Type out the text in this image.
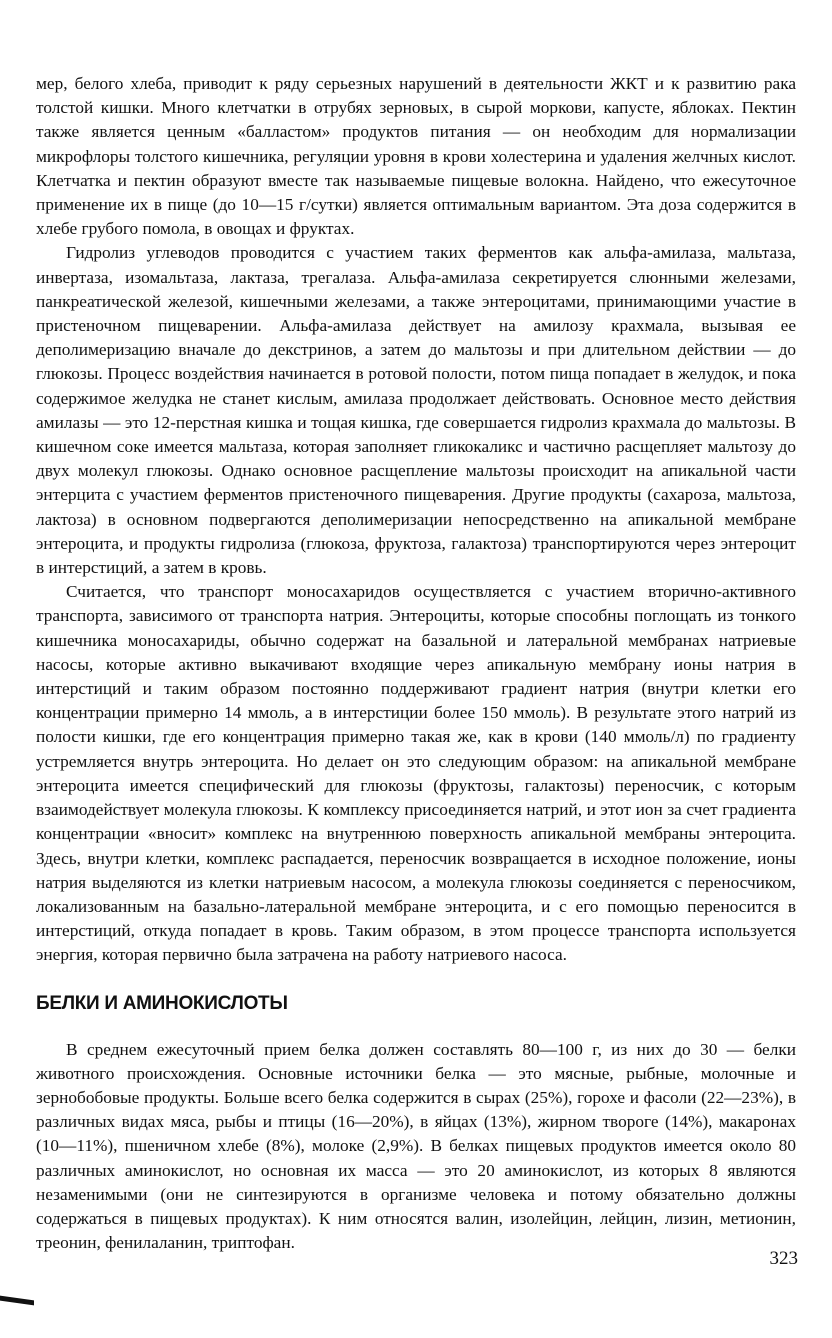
мер, белого хлеба, приводит к ряду серьезных нарушений в деятельности ЖКТ и к развитию рака толстой кишки. Много клетчатки в отрубях зерновых, в сырой моркови, капусте, яблоках. Пектин также является ценным «балластом» продуктов питания — он необходим для нормализации микрофлоры толстого кишечника, регуляции уровня в крови холестерина и удаления желчных кислот. Клетчатка и пектин образуют вместе так называемые пищевые волокна. Найдено, что ежесуточное применение их в пище (до 10—15 г/сутки) является оптимальным вариантом. Эта доза содержится в хлебе грубого помола, в овощах и фруктах.

Гидролиз углеводов проводится с участием таких ферментов как альфа-амилаза, мальтаза, инвертаза, изомальтаза, лактаза, трегалаза. Альфа-амилаза секретируется слюнными железами, панкреатической железой, кишечными железами, а также энтероцитами, принимающими участие в пристеночном пищеварении. Альфа-амилаза действует на амилозу крахмала, вызывая ее деполимеризацию вначале до декстринов, а затем до мальтозы и при длительном действии — до глюкозы. Процесс воздействия начинается в ротовой полости, потом пища попадает в желудок, и пока содержимое желудка не станет кислым, амилаза продолжает действовать. Основное место действия амилазы — это 12-перстная кишка и тощая кишка, где совершается гидролиз крахмала до мальтозы. В кишечном соке имеется мальтаза, которая заполняет гликокаликс и частично расщепляет мальтозу до двух молекул глюкозы. Однако основное расщепление мальтозы происходит на апикальной части энтерцита с участием ферментов пристеночного пищеварения. Другие продукты (сахароза, мальтоза, лактоза) в основном подвергаются деполимеризации непосредственно на апикальной мембране энтероцита, и продукты гидролиза (глюкоза, фруктоза, галактоза) транспортируются через энтероцит в интерстиций, а затем в кровь.

Считается, что транспорт моносахаридов осуществляется с участием вторично-активного транспорта, зависимого от транспорта натрия. Энтероциты, которые способны поглощать из тонкого кишечника моносахариды, обычно содержат на базальной и латеральной мембранах натриевые насосы, которые активно выкачивают входящие через апикальную мембрану ионы натрия в интерстиций и таким образом постоянно поддерживают градиент натрия (внутри клетки его концентрации примерно 14 ммоль, а в интерстиции более 150 ммоль). В результате этого натрий из полости кишки, где его концентрация примерно такая же, как в крови (140 ммоль/л) по градиенту устремляется внутрь энтероцита. Но делает он это следующим образом: на апикальной мембране энтероцита имеется специфический для глюкозы (фруктозы, галактозы) переносчик, с которым взаимодействует молекула глюкозы. К комплексу присоединяется натрий, и этот ион за счет градиента концентрации «вносит» комплекс на внутреннюю поверхность апикальной мембраны энтероцита. Здесь, внутри клетки, комплекс распадается, переносчик возвращается в исходное положение, ионы натрия выделяются из клетки натриевым насосом, а молекула глюкозы соединяется с переносчиком, локализованным на базально-латеральной мембране энтероцита, и с его помощью переносится в интерстиций, откуда попадает в кровь. Таким образом, в этом процессе транспорта используется энергия, которая первично была затрачена на работу натриевого насоса.

БЕЛКИ И АМИНОКИСЛОТЫ

В среднем ежесуточный прием белка должен составлять 80—100 г, из них до 30 — белки животного происхождения. Основные источники белка — это мясные, рыбные, молочные и зернобобовые продукты. Больше всего белка содержится в сырах (25%), горохе и фасоли (22—23%), в различных видах мяса, рыбы и птицы (16—20%), в яйцах (13%), жирном твороге (14%), макаронах (10—11%), пшеничном хлебе (8%), молоке (2,9%). В белках пищевых продуктов имеется около 80 различных аминокислот, но основная их масса — это 20 аминокислот, из которых 8 являются незаменимыми (они не синтезируются в организме человека и потому обязательно должны содержаться в пищевых продуктах). К ним относятся валин, изолейцин, лейцин, лизин, метионин, треонин, фенилаланин, триптофан.

323
